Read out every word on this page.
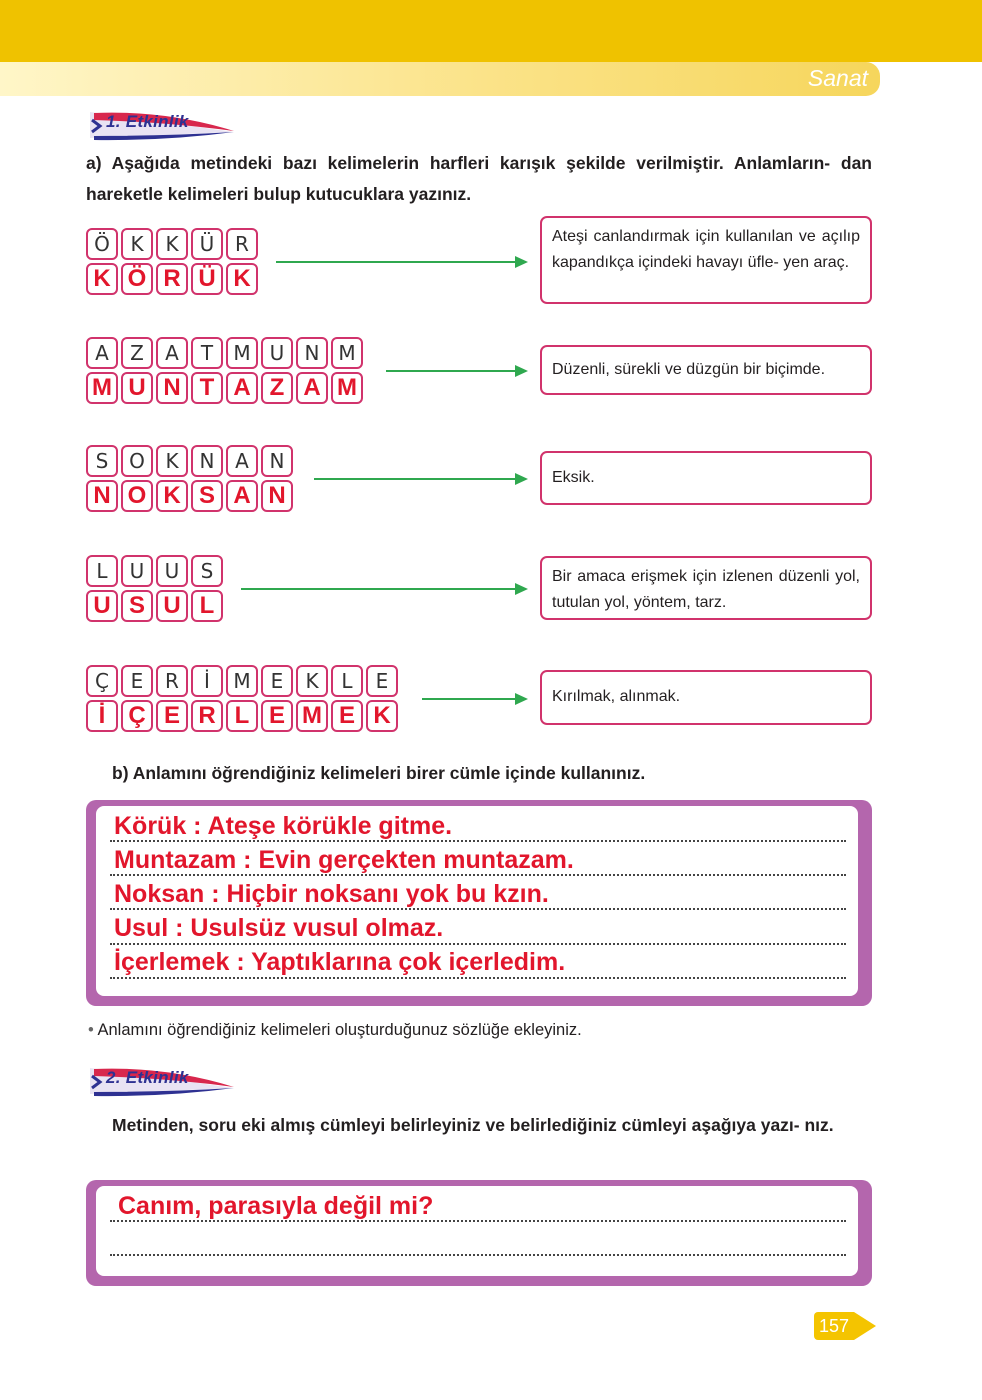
Sanat
1. Etkinlik
a) Aşağıda metindeki bazı kelimelerin harfleri karışık şekilde verilmiştir. Anlamların- dan hareketle kelimeleri bulup kutucuklara yazınız.
Ö	K	K	Ü	R
K Ö R Ü K
A	Z	A	T	M U	N M
M U N T A Z A M
S	O	K	N	A	N
N O K S A N
L	U	U	S
U S U L
Ç	E	R	İ	M	E	K	L	E
İ Ç E R L E M E K
Ateşi canlandırmak için kullanılan ve açılıp kapandıkça içindeki havayı üfle- yen araç.
Düzenli, sürekli ve düzgün bir biçimde.
Eksik.
Bir amaca erişmek için izlenen düzenli yol, tutulan yol, yöntem, tarz.
Kırılmak, alınmak.
b) Anlamını öğrendiğiniz kelimeleri birer cümle içinde kullanınız.
Körük : Ateşe körükle gitme.
Muntazam : Evin gerçekten muntazam.
Noksan : Hiçbir noksanı yok bu kzın.
Usul : Usulsüz vusul olmaz.
İçerlemek : Yaptıklarına çok içerledim.
• Anlamını öğrendiğiniz kelimeleri oluşturduğunuz sözlüğe ekleyiniz.
2. Etkinlik
Metinden, soru eki almış cümleyi belirleyiniz ve belirlediğiniz cümleyi aşağıya yazı- nız.
Canım, parasıyla değil mi?
157
